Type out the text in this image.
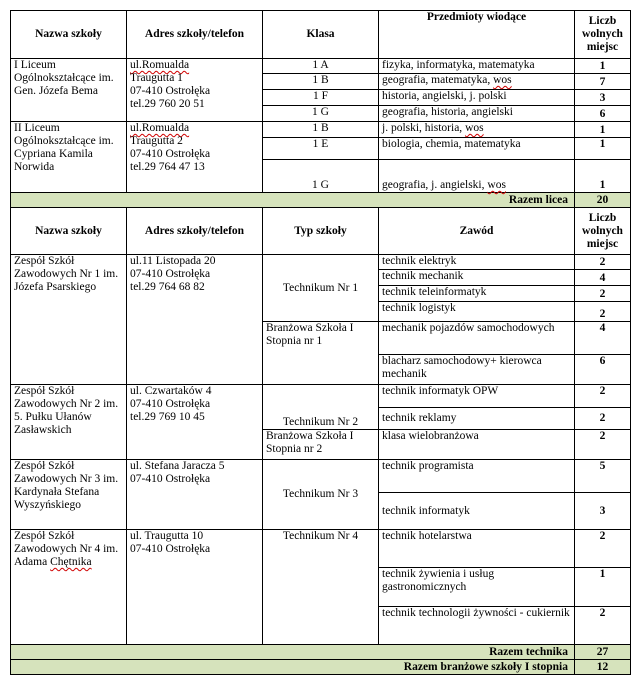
Nazwa szkoły	Adres szkoły/telefon	Klasa	Przedmioty wiodące	Liczb wolnych miejsc
I Liceum Ogólnokształcące im. Gen. Józefa Bema	ul.Romualda
Traugutta 1
07-410 Ostrołęka
tel.29 760 20 51	1 A	fizyka, informatyka, matematyka	1
		1 B	geografia, matematyka, wos	7
		1 F	historia, angielski, j. polski	3
		1 G	geografia, historia, angielski	6
II Liceum Ogólnokształcące im. Cypriana Kamila Norwida	ul.Romualda
Traugutta 2
07-410 Ostrołęka
tel.29 764 47 13	1 B	j. polski, historia, wos	1
		1 E	biologia, chemia, matematyka	1
		1 G	geografia, j. angielski, wos	1
Razem licea				20
Nazwa szkoły	Adres szkoły/telefon	Typ szkoły	Zawód	Liczb wolnych miejsc
Zespół Szkół Zawodowych Nr 1 im. Józefa Psarskiego	ul.11 Listopada 20
07-410 Ostrołęka
tel.29 764 68 82	Technikum Nr 1	technik elektryk	2
			technik mechanik	4
			technik teleinformatyk	2
			technik logistyk	2
		Branżowa Szkoła I Stopnia nr 1	mechanik pojazdów samochodowych	4
			blacharz samochodowy+ kierowca mechanik	6
Zespół Szkół Zawodowych Nr 2 im. 5. Pułku Ułanów Zasławskich	ul. Czwartaków 4
07-410 Ostrołęka
tel.29 769 10 45	Technikum Nr 2	technik informatyk OPW	2
			technik reklamy	2
		Branżowa Szkoła I Stopnia nr 2	klasa wielobranżowa	2
Zespół Szkół Zawodowych Nr 3 im. Kardynała Stefana Wyszyńskiego	ul. Stefana Jaracza 5
07-410 Ostrołęka	Technikum Nr 3	technik programista	5
			technik informatyk	3
Zespół Szkół Zawodowych Nr 4 im. Adama Chętnika	ul. Traugutta 10
07-410 Ostrołęka	Technikum Nr 4	technik hotelarstwa	2
			technik żywienia i usług gastronomicznych	1
			technik technologii żywności - cukiernik	2
Razem technika				27
Razem branżowe szkoły I stopnia				12
